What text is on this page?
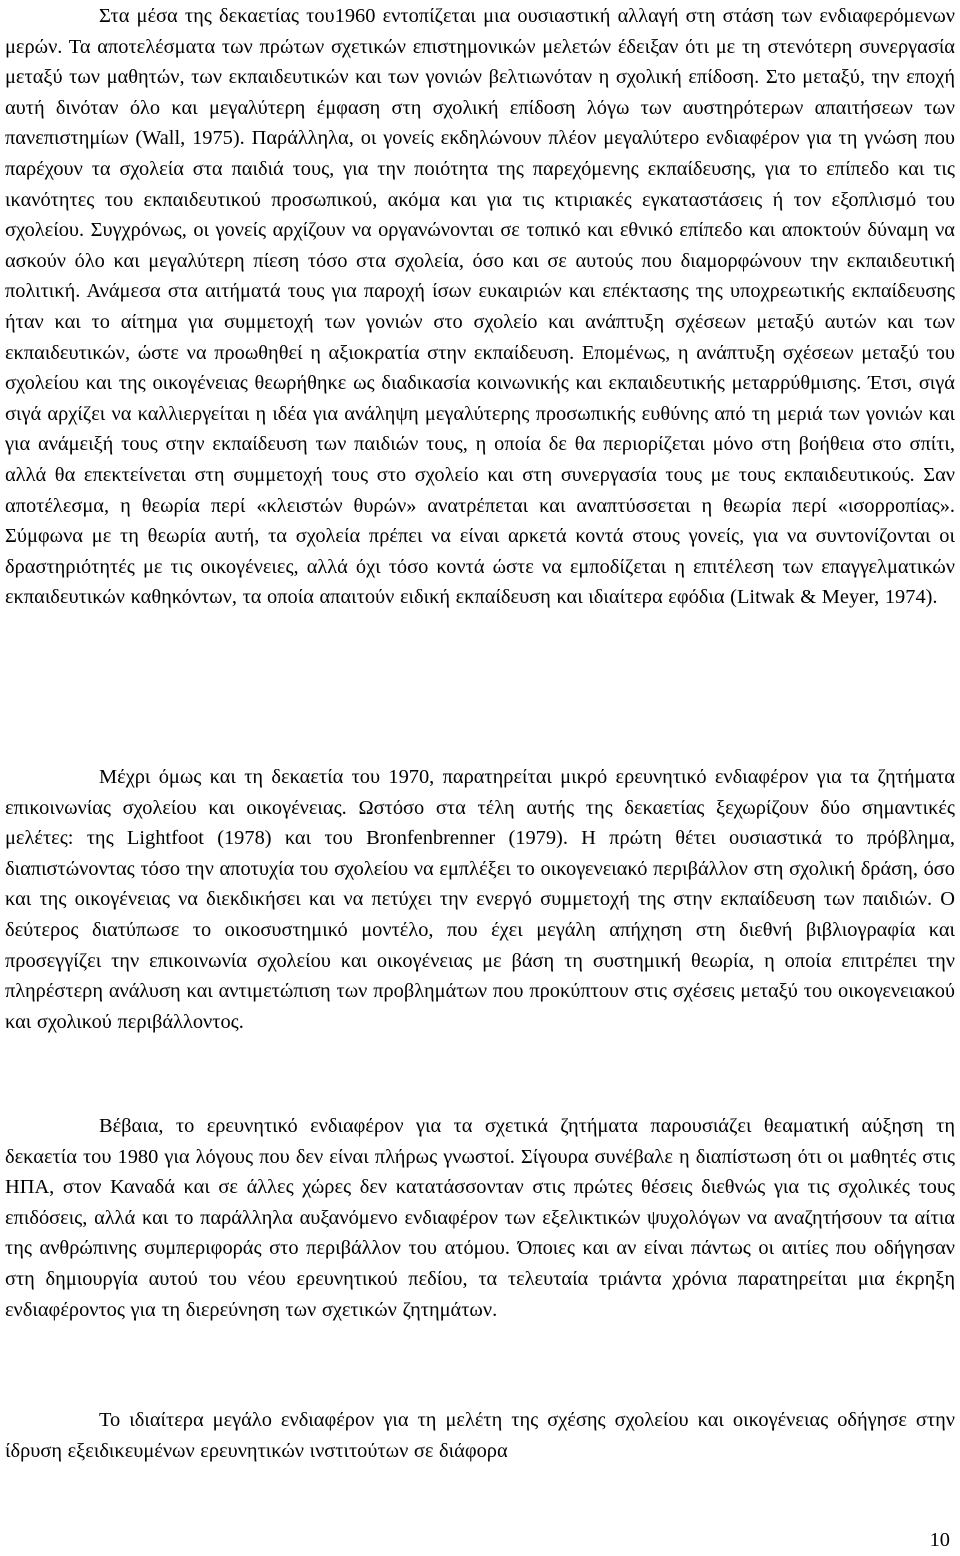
Στα μέσα της δεκαετίας του1960 εντοπίζεται μια ουσιαστική αλλαγή στη στάση των ενδιαφερόμενων μερών. Τα αποτελέσματα των πρώτων σχετικών επιστημονικών μελετών έδειξαν ότι με τη στενότερη συνεργασία μεταξύ των μαθητών, των εκπαιδευτικών και των γονιών βελτιωνόταν η σχολική επίδοση. Στο μεταξύ, την εποχή αυτή δινόταν όλο και μεγαλύτερη έμφαση στη σχολική επίδοση λόγω των αυστηρότερων απαιτήσεων των πανεπιστημίων (Wall, 1975). Παράλληλα, οι γονείς εκδηλώνουν πλέον μεγαλύτερο ενδιαφέρον για τη γνώση που παρέχουν τα σχολεία στα παιδιά τους, για την ποιότητα της παρεχόμενης εκπαίδευσης, για το επίπεδο και τις ικανότητες του εκπαιδευτικού προσωπικού, ακόμα και για τις κτιριακές εγκαταστάσεις ή τον εξοπλισμό του σχολείου. Συγχρόνως, οι γονείς αρχίζουν να οργανώνονται σε τοπικό και εθνικό επίπεδο και αποκτούν δύναμη να ασκούν όλο και μεγαλύτερη πίεση τόσο στα σχολεία, όσο και σε αυτούς που διαμορφώνουν την εκπαιδευτική πολιτική. Ανάμεσα στα αιτήματά τους για παροχή ίσων ευκαιριών και επέκτασης της υποχρεωτικής εκπαίδευσης ήταν και το αίτημα για συμμετοχή των γονιών στο σχολείο και ανάπτυξη σχέσεων μεταξύ αυτών και των εκπαιδευτικών, ώστε να προωθηθεί η αξιοκρατία στην εκπαίδευση. Επομένως, η ανάπτυξη σχέσεων μεταξύ του σχολείου και της οικογένειας θεωρήθηκε ως διαδικασία κοινωνικής και εκπαιδευτικής μεταρρύθμισης. Έτσι, σιγά σιγά αρχίζει να καλλιεργείται η ιδέα για ανάληψη μεγαλύτερης προσωπικής ευθύνης από τη μεριά των γονιών και για ανάμειξή τους στην εκπαίδευση των παιδιών τους, η οποία δε θα περιορίζεται μόνο στη βοήθεια στο σπίτι, αλλά θα επεκτείνεται στη συμμετοχή τους στο σχολείο και στη συνεργασία τους με τους εκπαιδευτικούς. Σαν αποτέλεσμα, η θεωρία περί «κλειστών θυρών» ανατρέπεται και αναπτύσσεται η θεωρία περί «ισορροπίας». Σύμφωνα με τη θεωρία αυτή, τα σχολεία πρέπει να είναι αρκετά κοντά στους γονείς, για να συντονίζονται οι δραστηριότητές με τις οικογένειες, αλλά όχι τόσο κοντά ώστε να εμποδίζεται η επιτέλεση των επαγγελματικών εκπαιδευτικών καθηκόντων, τα οποία απαιτούν ειδική εκπαίδευση και ιδιαίτερα εφόδια (Litwak & Meyer, 1974).

Μέχρι όμως και τη δεκαετία του 1970, παρατηρείται μικρό ερευνητικό ενδιαφέρον για τα ζητήματα επικοινωνίας σχολείου και οικογένειας. Ωστόσο στα τέλη αυτής της δεκαετίας ξεχωρίζουν δύο σημαντικές μελέτες: της Lightfoot (1978) και του Bronfenbrenner (1979). Η πρώτη θέτει ουσιαστικά το πρόβλημα, διαπιστώνοντας τόσο την αποτυχία του σχολείου να εμπλέξει το οικογενειακό περιβάλλον στη σχολική δράση, όσο και της οικογένειας να διεκδικήσει και να πετύχει την ενεργό συμμετοχή της στην εκπαίδευση των παιδιών. Ο δεύτερος διατύπωσε το οικοσυστημικό μοντέλο, που έχει μεγάλη απήχηση στη διεθνή βιβλιογραφία και προσεγγίζει την επικοινωνία σχολείου και οικογένειας με βάση τη συστημική θεωρία, η οποία επιτρέπει την πληρέστερη ανάλυση και αντιμετώπιση των προβλημάτων που προκύπτουν στις σχέσεις μεταξύ του οικογενειακού και σχολικού περιβάλλοντος.

Βέβαια, το ερευνητικό ενδιαφέρον για τα σχετικά ζητήματα παρουσιάζει θεαματική αύξηση τη δεκαετία του 1980 για λόγους που δεν είναι πλήρως γνωστοί. Σίγουρα συνέβαλε η διαπίστωση ότι οι μαθητές στις ΗΠΑ, στον Καναδά και σε άλλες χώρες δεν κατατάσσονταν στις πρώτες θέσεις διεθνώς για τις σχολικές τους επιδόσεις, αλλά και το παράλληλα αυξανόμενο ενδιαφέρον των εξελικτικών ψυχολόγων να αναζητήσουν τα αίτια της ανθρώπινης συμπεριφοράς στο περιβάλλον του ατόμου. Όποιες και αν είναι πάντως οι αιτίες που οδήγησαν στη δημιουργία αυτού του νέου ερευνητικού πεδίου, τα τελευταία τριάντα χρόνια παρατηρείται μια έκρηξη ενδιαφέροντος για τη διερεύνηση των σχετικών ζητημάτων.

Το ιδιαίτερα μεγάλο ενδιαφέρον για τη μελέτη της σχέσης σχολείου και οικογένειας οδήγησε στην ίδρυση εξειδικευμένων ερευνητικών ινστιτούτων σε διάφορα

10
